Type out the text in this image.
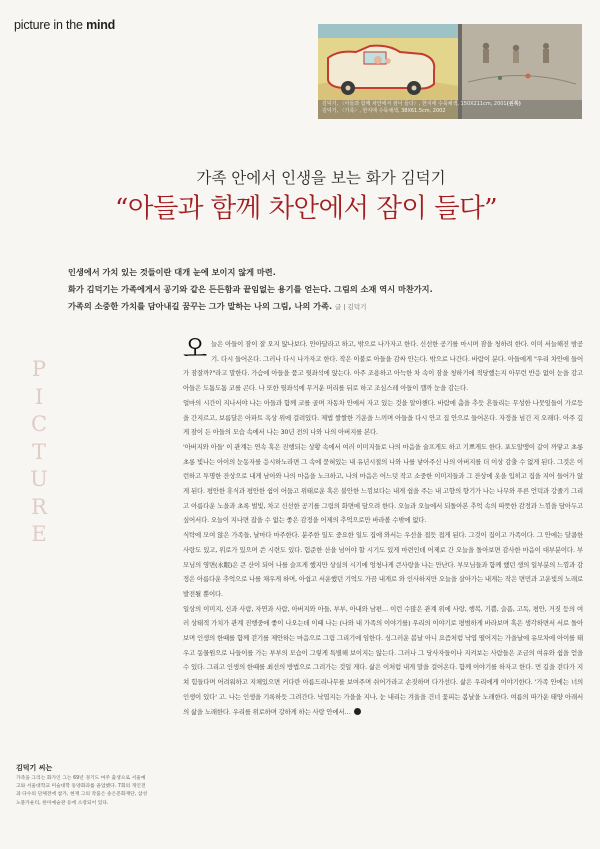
picture in the mind
김덕기, 〈아들과 함께 차안에서 잠이 들다〉, 한지에 수묵채색, 150X211cm, 2001(왼쪽)
김덕기, 〈가족〉, 한지에 수묵채색, 38X61.5cm, 2002
가족 안에서 인생을 보는 화가 김덕기
“아들과 함께 차안에서 잠이 들다”
인생에서 가치 있는 것들이란 대개 눈에 보이지 않게 마련.
화가 김덕기는 가족에게서 공기와 같은 든든함과 끝임없는 용기를 얻는다. 그림의 소재 역시 마찬가지.
가족의 소중한 가치를 담아내길 꿈꾸는 그가 말하는 나의 그림, 나의 가족. 글 | 김덕기
P
I
C
T
U
R
E
김덕기 씨는
가족을 그리는 화가인 그는 69년 경기도 여주 출생으로 서울예고와 서울대학교 미술대학 동양화과를 졸업했다. 7회의 개인전과 다수의 단체전에 참가, 현재 그의 작품은 송은문화재단, 삼성노블카운티, 한미예술관 등에 소장되어 있다.

오늘은 아들이 잠이 잘 오지 않나보다. 안아달라고 하고, 밖으로 나가자고 한다. 신선한 공기를 마시며 잠을 청하려 한다. 이미 서늘해진 밤공기. 다시 들어온다. 그러나 다시 나가자고 한다. 작은 이불로 아들을 감싸 안는다. 밖으로 나간다. 바람이 분다. 아들에게 "우리 차안에 들어가 잠잘까?"라고 말한다. 가슴에 아들을 품고 뒷좌석에 앉는다. 아주 조용하고 아늑한 차 속이 잠을 청하기에 적당했는지 아무런 반응 없이 눈을 감고 아들은 도톰도톰 코를 곤다. 나 또한 뒷좌석에 무거운 머리를 뒤로 하고 조심스레 아들이 깰까 눈을 감는다.

얼마의 시간이 지나서야 나는 아들과 함께 코를 골며 자동차 안에서 자고 있는 것을 알아챈다. 바람에 춤을 추듯 흔들리는 무성한 나뭇잎들이 가로등을 간지르고, 보름달은 아파트 옥상 위에 걸려있다. 제법 쌀쌀한 기운을 느끼며 아들을 다시 안고 집 안으로 들어온다. 자정을 넘긴 지 오래다. 아주 깊게 잠이 든 아들의 모습 속에서 나는 30년 전의 나와 나의 아버지를 본다.

'아버지와 아들' 이 관계는 연속 혹은 진행되는 상황 속에서 여러 이미지들로 나의 마음을 술프게도 하고 기쁘게도 한다. 포도알맹이 같이 까맣고 초롱초롱 빛나는 아이의 눈동자를 응시하노라면 그 속에 묻혀있는 내 유년시절의 나와 나를 낳아주신 나의 아버지를 더 이상 감출 수 없게 된다. 그것은 이런하고 투명한 잔상으로 내게 남아와 나의 마음을 노크하고, 나의 마음은 어느덧 작고 소중한 이미지들과 그 잔상에 옷을 입히고 집을 지어 들어가 앉게 된다. 평안한 휴식과 평안한 쉼이 어둡고 위태로운 혹은 불안한 느낌보다는 내게 쉽을 주는 내 고향의 향기가 나는 나무와 푸른 언덕과 강줄기 그리고 아름다운 노을과 초록 벌빛, 차고 신선한 공기를 그림의 화면에 담으려 한다. 오늘과 오늘에서 되돌아본 추억 속의 따뜻한 감정과 느낌을 담아두고 싶어서다. 오늘이 지나면 잡을 수 없는 좋은 감정을 어제의 추억으로만 바라볼 수밖에 없다.

식탁에 모여 앉은 가족들, 날마다 마주한다. 분주한 일도 중요한 일도 집에 와서는 우선을 접듯 접게 된다. 그것이 집이고 가족이다. 그 안에는 달콤한 사랑도 있고, 위로가 있으며 쓴 시련도 있다. 험준한 산을 넘어야 할 시기도 있게 마련인데 어제로 간 오늘을 돌아보면 감사한 마음이 대부분이다. 부모님의 영면(永眠)은 큰 산이 되어 나를 슬프게 했지만 상실의 시기에 엉청나게 큰사랑을 나는 만난다. 부모님들과 함께 했던 생의 일부분의 느낌과 감정은 아름다운 추억으로 나를 채우게 하며, 아쉽고 서운했던 기억도 가끔 내게로 와 인사하지만 오늘을 살아가는 내게는 작은 면민과 고운빛의 노래로 발전될 뿐이다.

일상의 이미지, 신과 사람, 자연과 사람, 아버지와 아들, 부부, 아내와 남편… 이런 수많은 관계 위에 사랑, 행복, 기쁨, 슬픔, 고독, 평안, 거짓 등의 여러 상태적 가치가 관계 진행중에 좋이 나오는데 이때 나는 (나와 내 가족의 이야기를) 우리의 이야기로 평범하게 바라보며 혹은 생각하면서 서로 돌아보며 인생의 한때를 함께 걷기를 제안하는 마음으로 그림 그리기에 임한다. 싱그러운 봄날 아니 요즘처럼 낙엽 떨어지는 가을날에 유모차에 아이를 태우고 동물원으로 나들이를 가는 부부의 모습이 그렇게 특별해 보이지는 않는다. 그러나 그 당사자들이나 지켜보는 사람들은 조금의 여유와 쉼을 얻을 수 있다. 그리고 인생의 한때를 최선의 방법으로 그려가는 것일 게다. 삶은 이처럼 내게 말을 걸어온다. 함께 이야기를 하자고 한다. 먼 길을 걷다가 지쳐 힘들다며 어려워하고 지체있으면 커다란 아름드리나무를 보여주며 쉬어가라고 손짓하며 다가선다. 삶은 우리에게 이야기한다. '가족 안에는 너의 인생이 있다' 고. 나는 인생을 기록하듯 그려간다. 낙엽지는 가을을 지나, 눈 내리는 겨울을 건너 꽃피는 봄날을 노래한다. 여름의 따가운 태양 아래서의 삶을 노래한다. 우리를 위로하며 강하게 하는 사랑 안에서…
